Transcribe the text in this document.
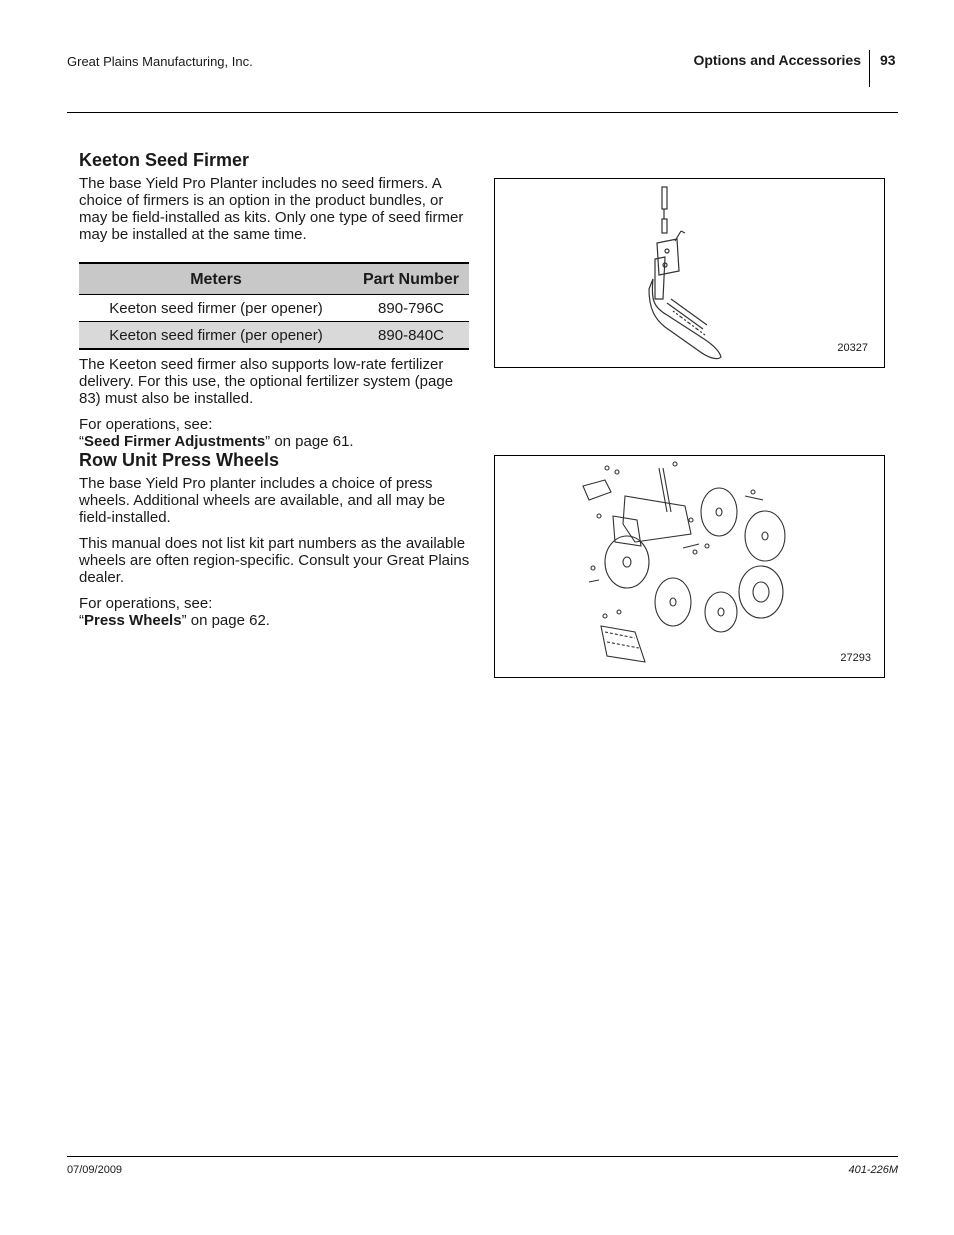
Great Plains Manufacturing, Inc.	Options and Accessories 93
Keeton Seed Firmer

The base Yield Pro Planter includes no seed firmers. A choice of firmers is an option in the product bundles, or may be field-installed as kits. Only one type of seed firmer may be installed at the same time.

Meters	Part Number
Keeton seed firmer (per opener)	890-796C
Keeton seed firmer (per opener)	890-840C

The Keeton seed firmer also supports low-rate fertilizer delivery. For this use, the optional fertilizer system (page 83) must also be installed.

For operations, see:

“Seed Firmer Adjustments” on page 61.

Row Unit Press Wheels

The base Yield Pro planter includes a choice of press wheels. Additional wheels are available, and all may be field-installed.

This manual does not list kit part numbers as the available wheels are often region-specific. Consult your Great Plains dealer.

For operations, see:

“Press Wheels” on page 62.

20327
27293
07/09/2009	401-226M
